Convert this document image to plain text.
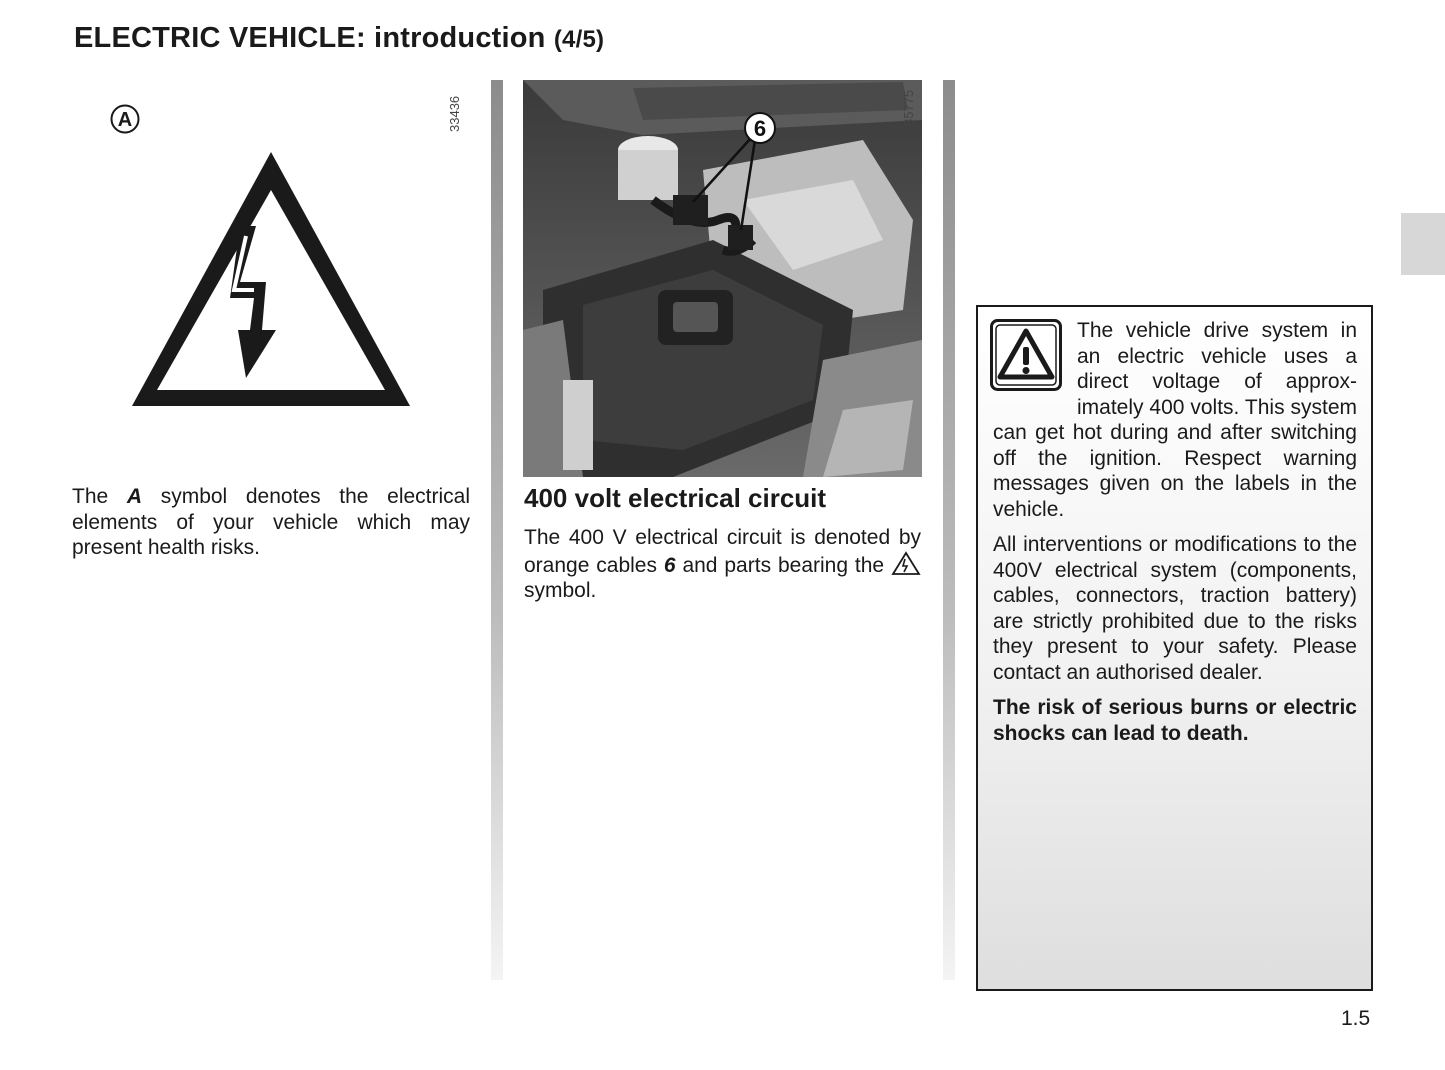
ELECTRIC VEHICLE: introduction (4/5)
33436
A
The A symbol denotes the electrical elements of your vehicle which may present health risks.
6
35775
400 volt electrical circuit
The 400 V electrical circuit is denoted by orange cables 6 and parts bearing the  symbol.

The vehicle drive system in an electric vehicle uses a direct voltage of approximately 400 volts. This system can get hot during and after switching off the ignition. Respect warning messages given on the labels in the vehicle.

All interventions or modifications to the 400V electrical system (components, cables, connectors, traction battery) are strictly prohibited due to the risks they present to your safety. Please contact an authorised dealer.

The risk of serious burns or electric shocks can lead to death.

1.5
